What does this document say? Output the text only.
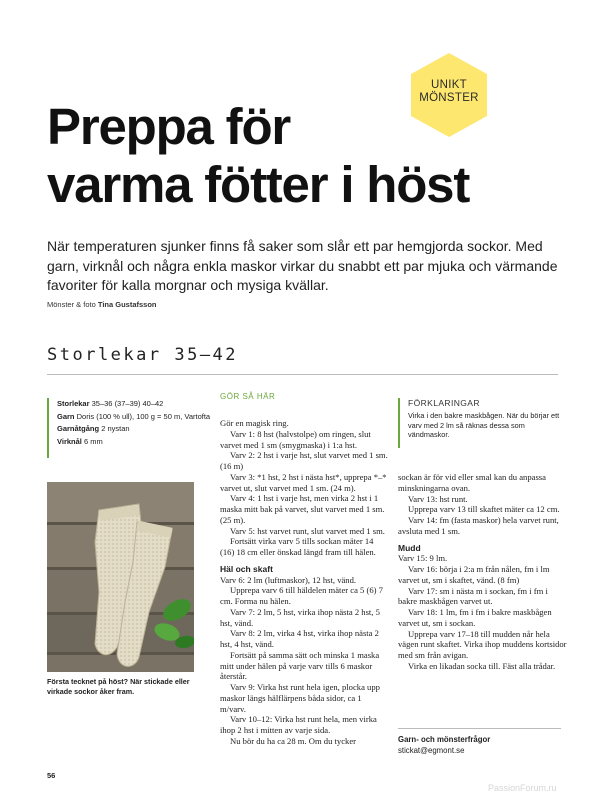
UNIKT
MÖNSTER
Preppa för
varma fötter i höst
När temperaturen sjunker finns få saker som slår ett par hemgjorda sockor. Med garn, virknål och några enkla maskor virkar du snabbt ett par mjuka och värmande favoriter för kalla morgnar och mysiga kvällar.
Mönster & foto Tina Gustafsson
Storlekar 35–42
Storlekar 35–36 (37–39) 40–42
Garn Doris (100 % ull), 100 g = 50 m, Vartofta
Garnåtgång 2 nystan
Virknål 6 mm
Första tecknet på höst? När stickade eller virkade sockor åker fram.
GÖR SÅ HÄR

Gör en magisk ring.

Varv 1: 8 hst (halvstolpe) om ringen, slut varvet med 1 sm (smygmaska) i 1:a hst.

Varv 2: 2 hst i varje hst, slut varvet med 1 sm. (16 m)

Varv 3: *1 hst, 2 hst i nästa hst*, upprepa *–* varvet ut, slut varvet med 1 sm. (24 m).

Varv 4: 1 hst i varje hst, men virka 2 hst i 1 maska mitt bak på varvet, slut varvet med 1 sm. (25 m).

Varv 5: hst varvet runt, slut varvet med 1 sm.

Fortsätt virka varv 5 tills sockan mäter 14 (16) 18 cm eller önskad längd fram till hälen.

Häl och skaft

Varv 6: 2 lm (luftmaskor), 12 hst, vänd.

Upprepa varv 6 till häldelen mäter ca 5 (6) 7 cm. Forma nu hälen.

Varv 7: 2 lm, 5 hst, virka ihop nästa 2 hst, 5 hst, vänd.

Varv 8: 2 lm, virka 4 hst, virka ihop nästa 2 hst, 4 hst, vänd.

Fortsätt på samma sätt och minska 1 maska mitt under hälen på varje varv tills 6 maskor återstår.

Varv 9: Virka hst runt hela igen, plocka upp maskor längs hälflärpens båda sidor, ca 1 m/varv.

Varv 10–12: Virka hst runt hela, men virka ihop 2 hst i mitten av varje sida.

Nu bör du ha ca 28 m. Om du tycker

FÖRKLARINGAR
Virka i den bakre maskbågen. När du börjar ett varv med 2 lm så räknas dessa som vändmaskor.

sockan är för vid eller smal kan du anpassa minskningarna ovan.

Varv 13: hst runt.

Upprepa varv 13 till skaftet mäter ca 12 cm.

Varv 14: fm (fasta maskor) hela varvet runt, avsluta med 1 sm.

Mudd

Varv 15: 9 lm.

Varv 16: börja i 2:a m från nålen, fm i lm varvet ut, sm i skaftet, vänd. (8 fm)

Varv 17: sm i nästa m i sockan, fm i fm i bakre maskbågen varvet ut.

Varv 18: 1 lm, fm i fm i bakre maskbågen varvet ut, sm i sockan.

Upprepa varv 17–18 till mudden når hela vägen runt skaftet. Virka ihop muddens kortsidor med sm från avigan.

Virka en likadan socka till. Fäst alla trådar.

Garn- och mönsterfrågor
stickat@egmont.se
56
PassionForum.ru
